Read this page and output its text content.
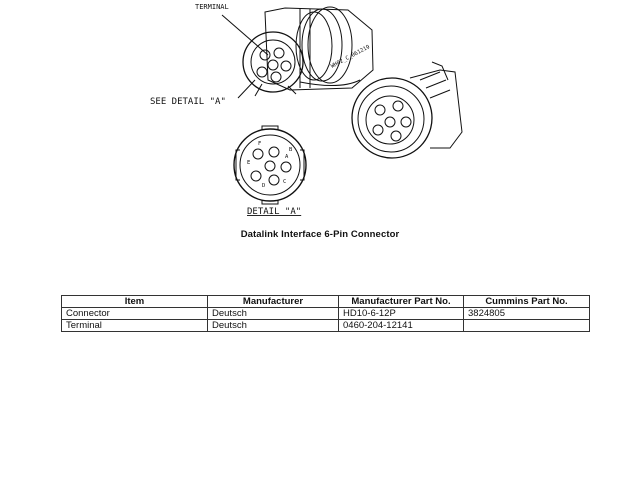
TERMINAL
SEE DETAIL "A"
DETAIL "A"
WH02_C_061219
A
B
C
D
E
F
Datalink Interface 6-Pin Connector
Item	Manufacturer	Manufacturer Part No.	Cummins Part No.
Connector	Deutsch	HD10-6-12P	3824805
Terminal	Deutsch	0460-204-12141	
